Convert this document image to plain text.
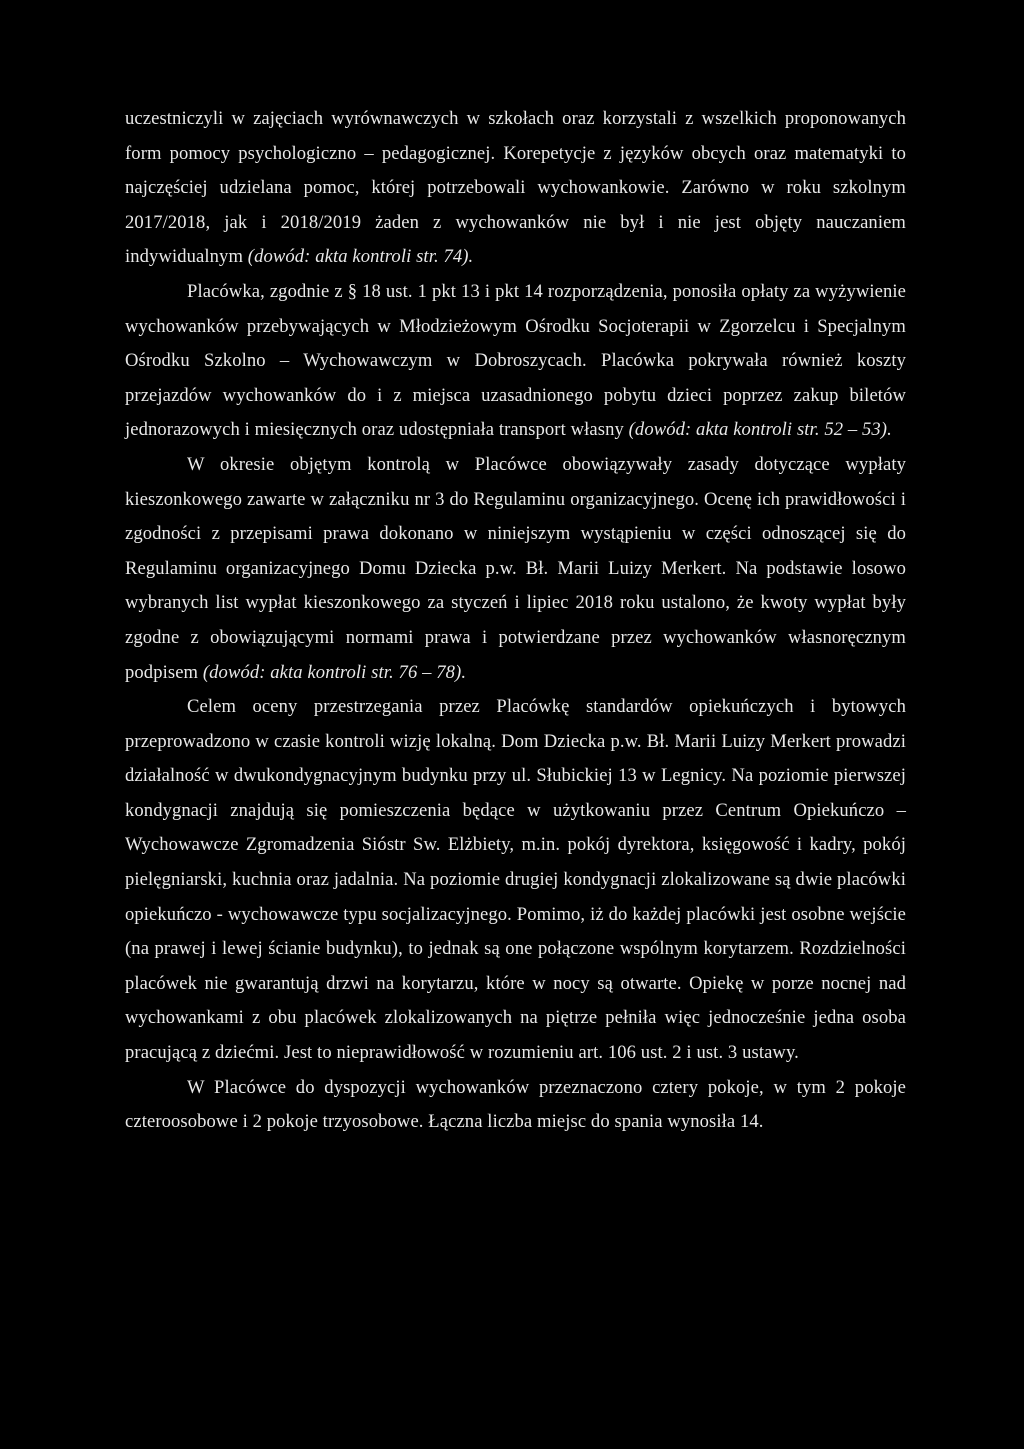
uczestniczyli w zajęciach wyrównawczych w szkołach oraz korzystali z wszelkich proponowanych form pomocy psychologiczno – pedagogicznej. Korepetycje z języków obcych oraz matematyki to najczęściej udzielana pomoc, której potrzebowali wychowankowie. Zarówno w roku szkolnym 2017/2018, jak i 2018/2019 żaden z wychowanków nie był i nie jest objęty nauczaniem indywidualnym (dowód: akta kontroli str. 74).

Placówka, zgodnie z § 18 ust. 1 pkt 13 i pkt 14 rozporządzenia, ponosiła opłaty za wyżywienie wychowanków przebywających w Młodzieżowym Ośrodku Socjoterapii w Zgorzelcu i Specjalnym Ośrodku Szkolno – Wychowawczym w Dobroszycach. Placówka pokrywała również koszty przejazdów wychowanków do i z miejsca uzasadnionego pobytu dzieci poprzez zakup biletów jednorazowych i miesięcznych oraz udostępniała transport własny (dowód: akta kontroli str. 52 – 53).

W okresie objętym kontrolą w Placówce obowiązywały zasady dotyczące wypłaty kieszonkowego zawarte w załączniku nr 3 do Regulaminu organizacyjnego. Ocenę ich prawidłowości i zgodności z przepisami prawa dokonano w niniejszym wystąpieniu w części odnoszącej się do Regulaminu organizacyjnego Domu Dziecka p.w. Bł. Marii Luizy Merkert. Na podstawie losowo wybranych list wypłat kieszonkowego za styczeń i lipiec 2018 roku ustalono, że kwoty wypłat były zgodne z obowiązującymi normami prawa i potwierdzane przez wychowanków własnoręcznym podpisem (dowód: akta kontroli str. 76 – 78).

Celem oceny przestrzegania przez Placówkę standardów opiekuńczych i bytowych przeprowadzono w czasie kontroli wizję lokalną. Dom Dziecka p.w. Bł. Marii Luizy Merkert prowadzi działalność w dwukondygnacyjnym budynku przy ul. Słubickiej 13 w Legnicy. Na poziomie pierwszej kondygnacji znajdują się pomieszczenia będące w użytkowaniu przez Centrum Opiekuńczo – Wychowawcze Zgromadzenia Sióstr Sw. Elżbiety, m.in. pokój dyrektora, księgowość i kadry, pokój pielęgniarski, kuchnia oraz jadalnia. Na poziomie drugiej kondygnacji zlokalizowane są dwie placówki opiekuńczo - wychowawcze typu socjalizacyjnego. Pomimo, iż do każdej placówki jest osobne wejście (na prawej i lewej ścianie budynku), to jednak są one połączone wspólnym korytarzem. Rozdzielności placówek nie gwarantują drzwi na korytarzu, które w nocy są otwarte. Opiekę w porze nocnej nad wychowankami z obu placówek zlokalizowanych na piętrze pełniła więc jednocześnie jedna osoba pracującą z dziećmi. Jest to nieprawidłowość w rozumieniu art. 106 ust. 2 i ust. 3 ustawy.

W Placówce do dyspozycji wychowanków przeznaczono cztery pokoje, w tym 2 pokoje czteroosobowe i 2 pokoje trzyosobowe. Łączna liczba miejsc do spania wynosiła 14.
